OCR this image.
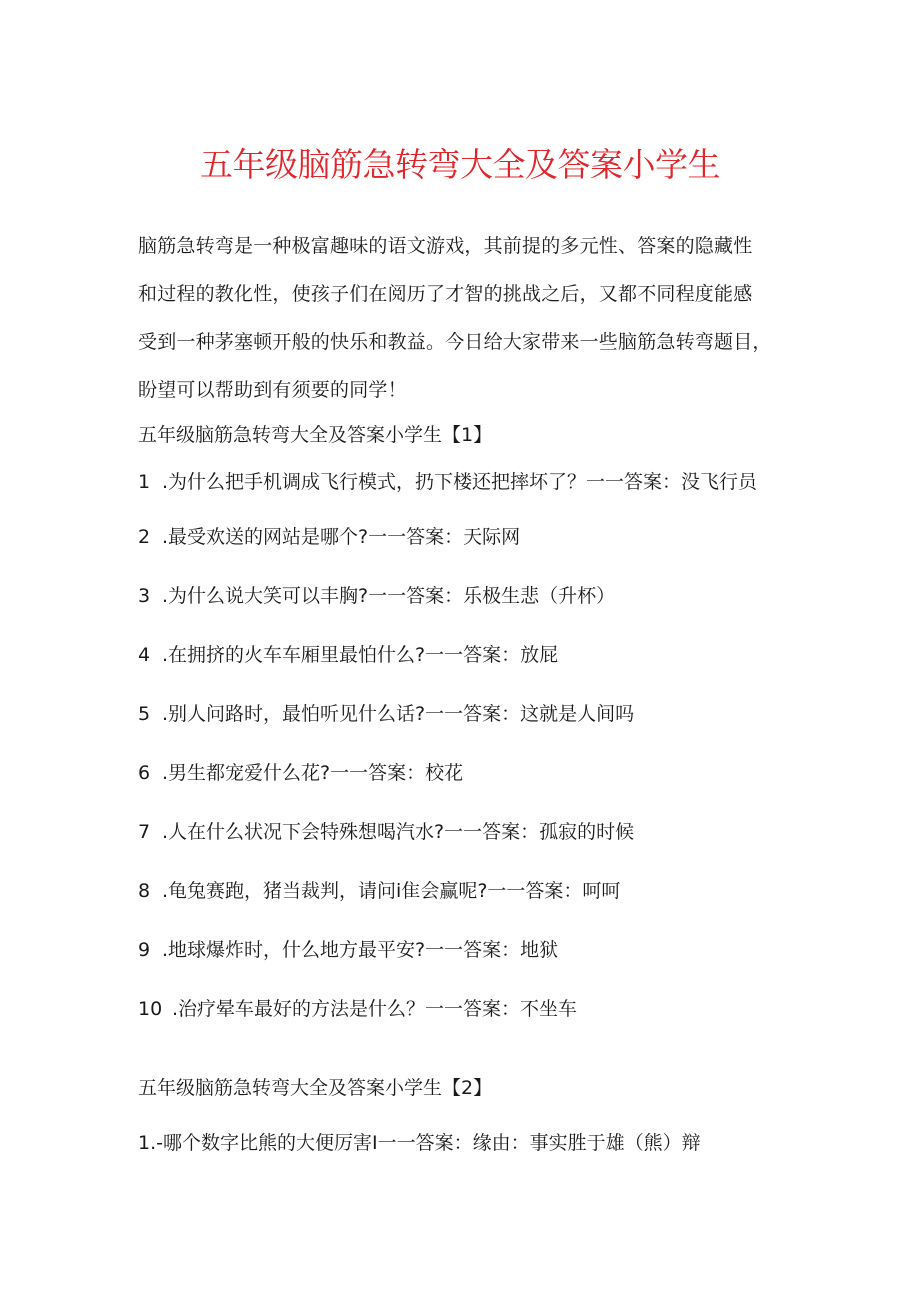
五年级脑筋急转弯大全及答案小学生
脑筋急转弯是一种极富趣味的语文游戏，其前提的多元性、答案的隐藏性
和过程的教化性，使孩子们在阅历了才智的挑战之后，又都不同程度能感
受到一种茅塞顿开般的快乐和教益。今日给大家带来一些脑筋急转弯题目，
盼望可以帮助到有须要的同学！
五年级脑筋急转弯大全及答案小学生【1】
1 .为什么把手机调成飞行模式，扔下楼还把摔坏了？一一答案：没飞行员
2 .最受欢送的网站是哪个?一一答案：天际网
3 .为什么说大笑可以丰胸?一一答案：乐极生悲（升杯）
4 .在拥挤的火车车厢里最怕什么?一一答案：放屁
5 .别人问路时，最怕听见什么话?一一答案：这就是人间吗
6 .男生都宠爱什么花?一一答案：校花
7 .人在什么状况下会特殊想喝汽水?一一答案：孤寂的时候
8 .龟兔赛跑，猪当裁判，请问i隹会赢呢?一一答案：呵呵
9 .地球爆炸时，什么地方最平安?一一答案：地狱
10 .治疗晕车最好的方法是什么？一一答案：不坐车
五年级脑筋急转弯大全及答案小学生【2】
1.-哪个数字比熊的大便厉害I一一答案：缘由：事实胜于雄（熊）辩
